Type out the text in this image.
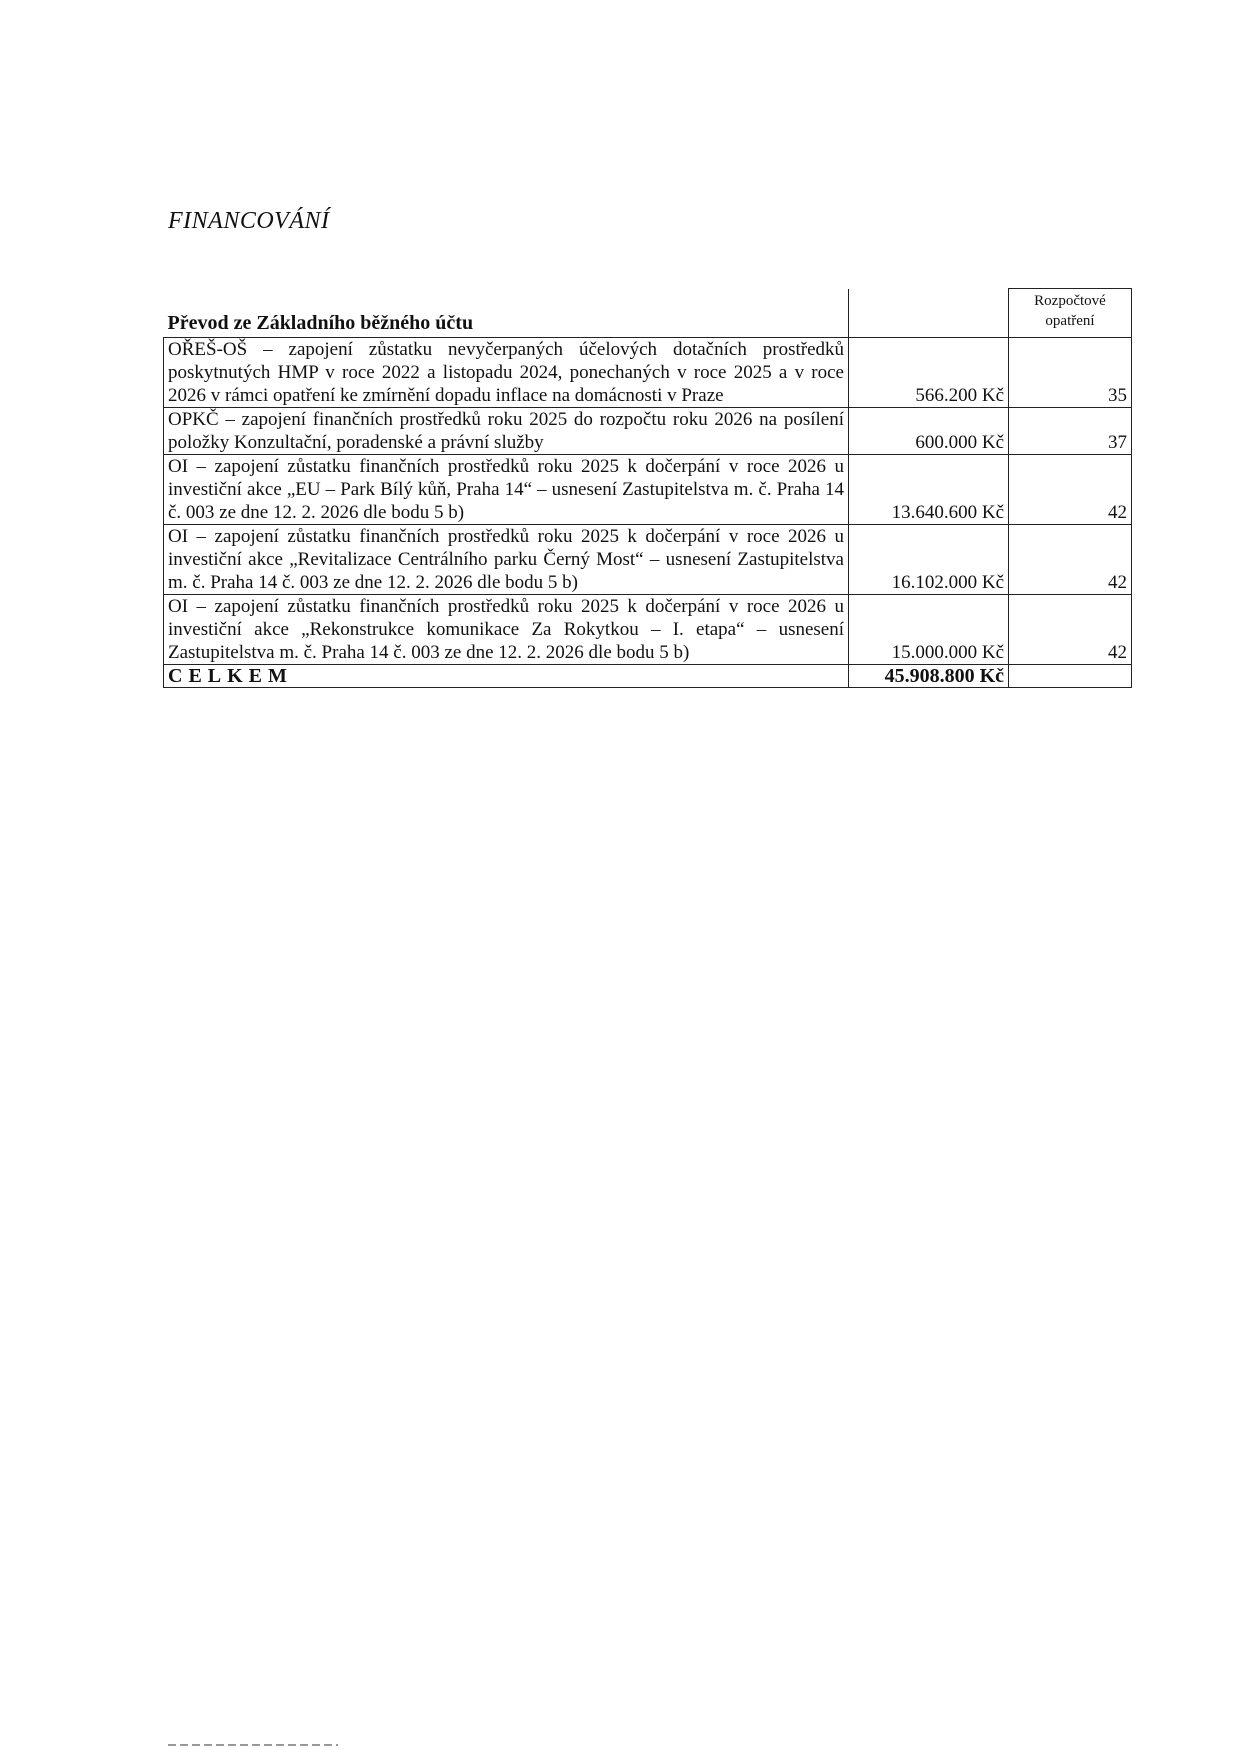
FINANCOVÁNÍ
Převod ze Základního běžného účtu		Rozpočtové opatření
OŘEŠ-OŠ – zapojení zůstatku nevyčerpaných účelových dotačních prostředků poskytnutých HMP v roce 2022 a listopadu 2024, ponechaných v roce 2025 a v roce 2026 v rámci opatření ke zmírnění dopadu inflace na domácnosti v Praze	566.200 Kč	35
OPKČ – zapojení finančních prostředků roku 2025 do rozpočtu roku 2026 na posílení položky Konzultační, poradenské a právní služby	600.000 Kč	37
OI – zapojení zůstatku finančních prostředků roku 2025 k dočerpání v roce 2026 u investiční akce „EU – Park Bílý kůň, Praha 14“ – usnesení Zastupitelstva m. č. Praha 14 č. 003 ze dne 12. 2. 2026 dle bodu 5 b)	13.640.600 Kč	42
OI – zapojení zůstatku finančních prostředků roku 2025 k dočerpání v roce 2026 u investiční akce „Revitalizace Centrálního parku Černý Most“ – usnesení Zastupitelstva m. č. Praha 14 č. 003 ze dne 12. 2. 2026 dle bodu 5 b)	16.102.000 Kč	42
OI – zapojení zůstatku finančních prostředků roku 2025 k dočerpání v roce 2026 u investiční akce „Rekonstrukce komunikace Za Rokytkou – I. etapa“ – usnesení Zastupitelstva m. č. Praha 14 č. 003 ze dne 12. 2. 2026 dle bodu 5 b)	15.000.000 Kč	42
CELKEM	45.908.800 Kč	
